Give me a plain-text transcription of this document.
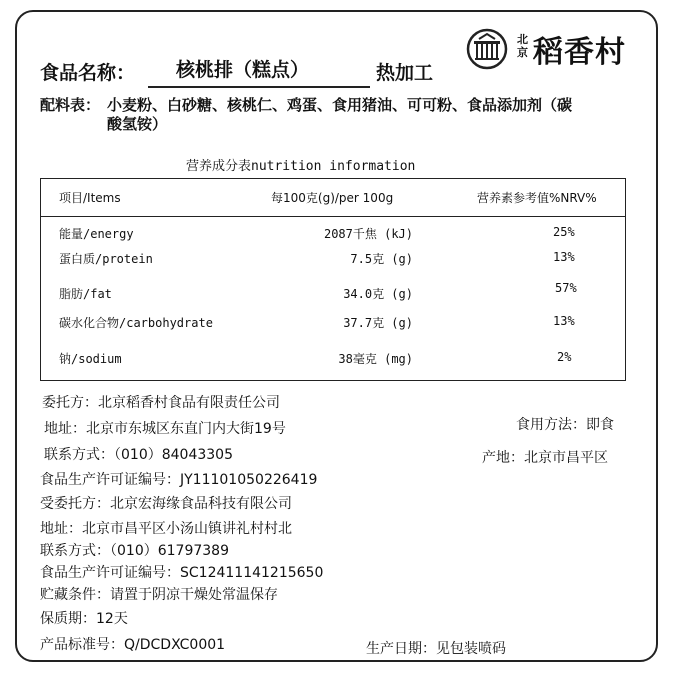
食品名称： 核桃排（糕点）	热加工
北
京 稻香村
配料表： 小麦粉、白砂糖、核桃仁、鸡蛋、食用猪油、可可粉、食品添加剂（碳
酸氢铵）
营养成分表nutrition information
项目/Items	每100克(g)/per 100g	营养素参考值%NRV%
能量/energy	2087千焦 (kJ)	25%
蛋白质/protein	7.5克 (g)	13%
脂肪/fat	34.0克 (g)	57%
碳水化合物/carbohydrate	37.7克 (g)	13%
钠/sodium	38毫克 (mg)	2%
委托方：北京稻香村食品有限责任公司
地址：北京市东城区东直门内大街19号
联系方式：（010）84043305
食品生产许可证编号：JY11101050226419
受委托方：北京宏海缘食品科技有限公司
地址：北京市昌平区小汤山镇讲礼村村北
联系方式：（010）61797389
食品生产许可证编号：SC12411141215650
贮藏条件：请置于阴凉干燥处常温保存
保质期：12天
产品标准号：Q/DCDXC0001
食用方法：即食
产地：北京市昌平区
生产日期：见包装喷码
